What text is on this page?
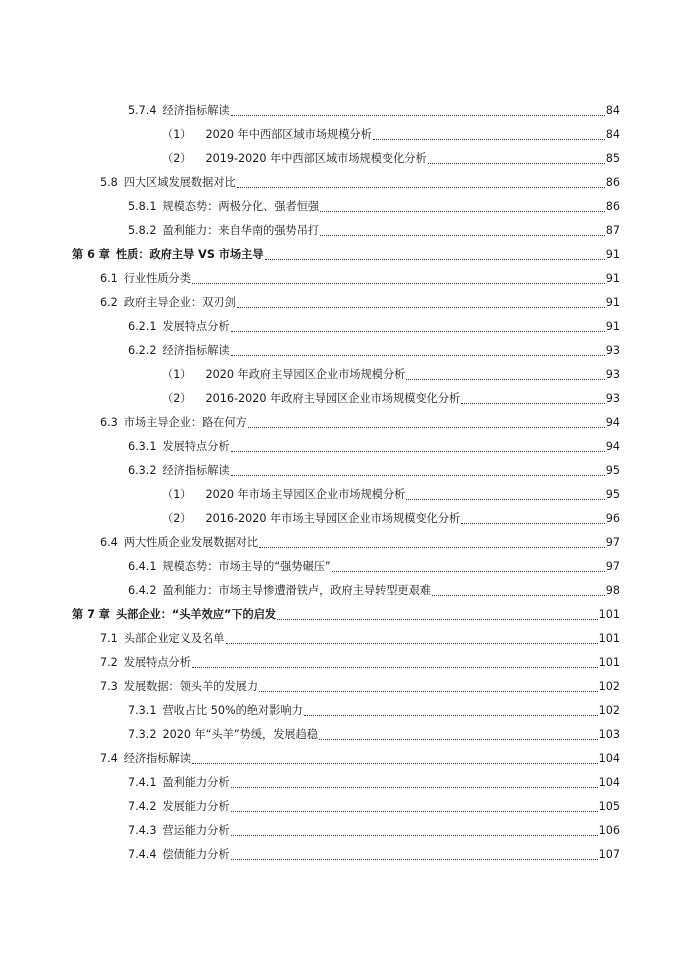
5.7.4 经济指标解读	84
（1） 2020 年中西部区域市场规模分析	84
（2） 2019-2020 年中西部区域市场规模变化分析	85
5.8 四大区域发展数据对比	86
5.8.1 规模态势：两极分化、强者恒强	86
5.8.2 盈利能力：来自华南的强势吊打	87
第 6 章 性质：政府主导 VS 市场主导	91
6.1 行业性质分类	91
6.2 政府主导企业：双刃剑	91
6.2.1 发展特点分析	91
6.2.2 经济指标解读	93
（1） 2020 年政府主导园区企业市场规模分析	93
（2） 2016-2020 年政府主导园区企业市场规模变化分析	93
6.3 市场主导企业：路在何方	94
6.3.1 发展特点分析	94
6.3.2 经济指标解读	95
（1） 2020 年市场主导园区企业市场规模分析	95
（2） 2016-2020 年市场主导园区企业市场规模变化分析	96
6.4 两大性质企业发展数据对比	97
6.4.1 规模态势：市场主导的“强势碾压”	97
6.4.2 盈利能力：市场主导惨遭滑铁卢，政府主导转型更艰难	98
第 7 章 头部企业：“头羊效应”下的启发	101
7.1 头部企业定义及名单	101
7.2 发展特点分析	101
7.3 发展数据：领头羊的发展力	102
7.3.1 营收占比 50%的绝对影响力	102
7.3.2 2020 年“头羊”势缓，发展趋稳	103
7.4 经济指标解读	104
7.4.1 盈利能力分析	104
7.4.2 发展能力分析	105
7.4.3 营运能力分析	106
7.4.4 偿债能力分析	107
